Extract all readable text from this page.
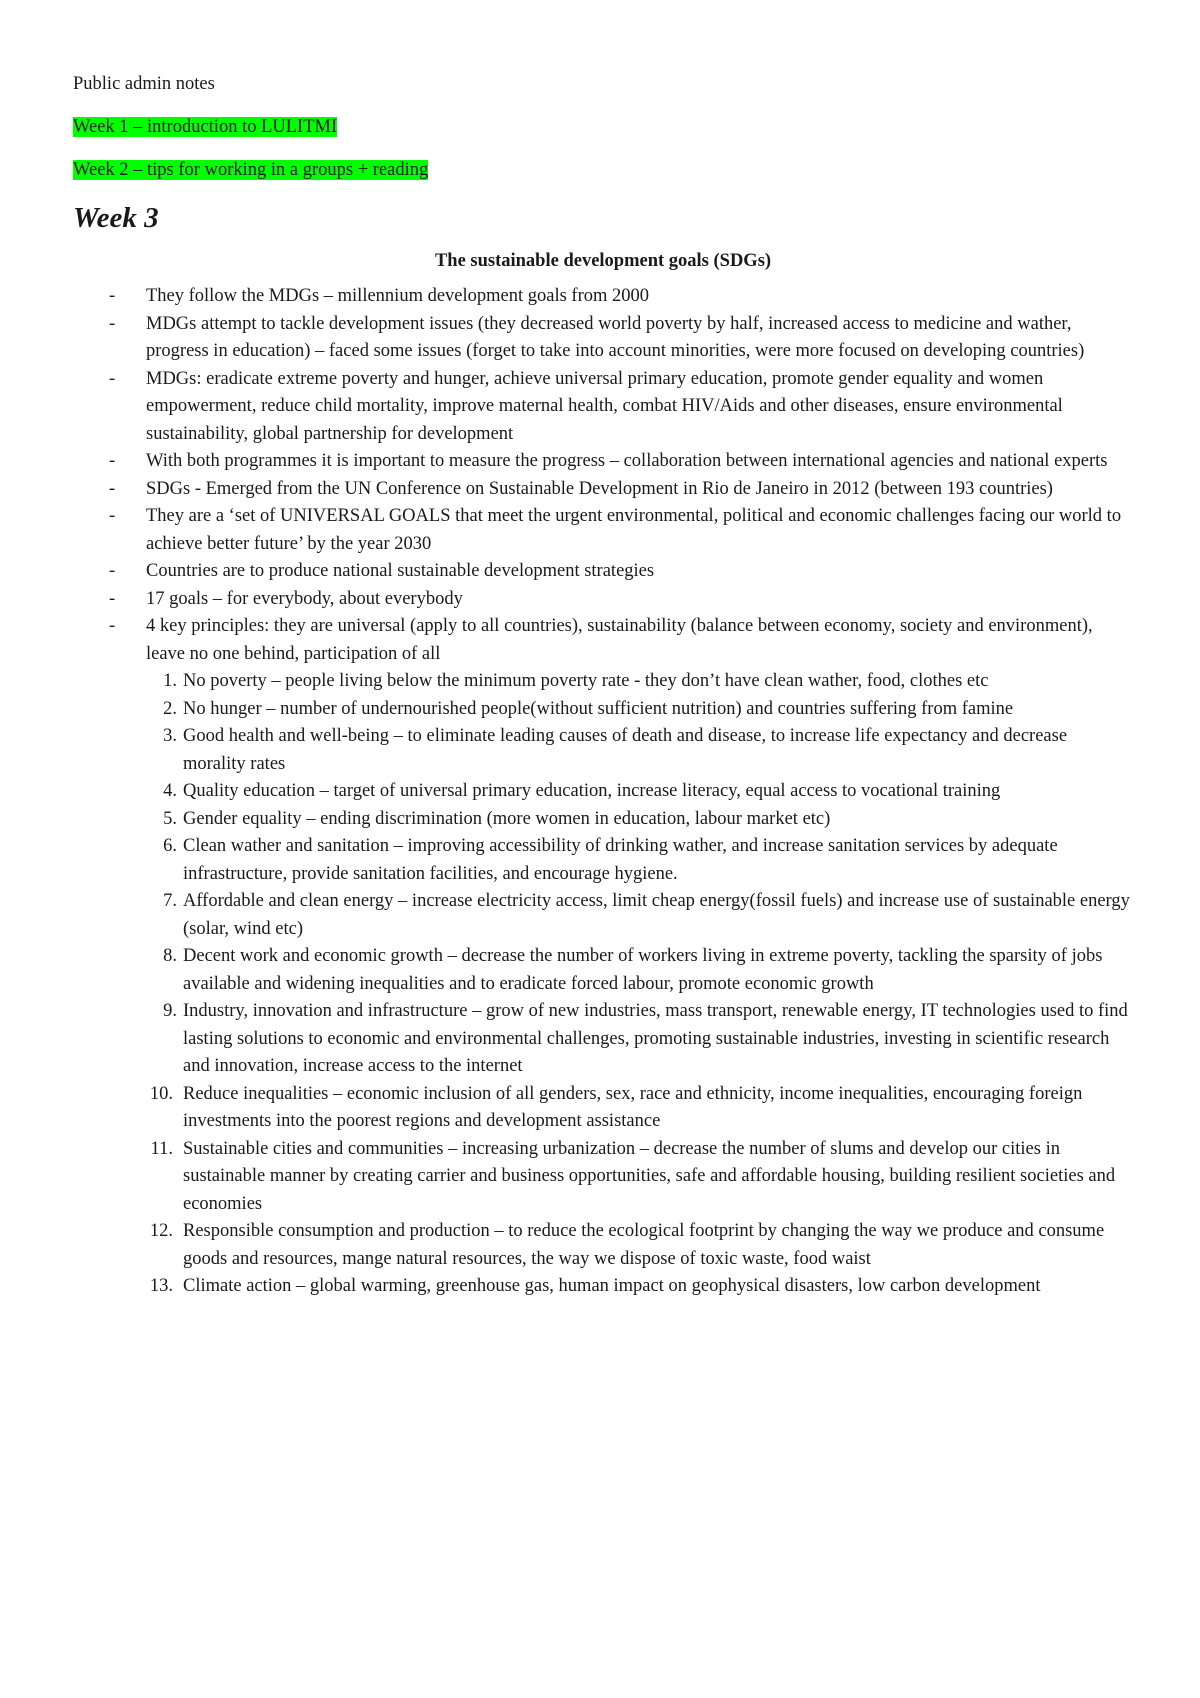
Public admin notes

Week 1 – introduction to LULITMI

Week 2 – tips for working in a groups + reading

Week 3
The sustainable development goals (SDGs)
- They follow the MDGs – millennium development goals from 2000
- MDGs attempt to tackle development issues (they decreased world poverty by half, increased access to medicine and wather, progress in education) – faced some issues (forget to take into account minorities, were more focused on developing countries)
- MDGs: eradicate extreme poverty and hunger, achieve universal primary education, promote gender equality and women empowerment, reduce child mortality, improve maternal health, combat HIV/Aids and other diseases, ensure environmental sustainability, global partnership for development
- With both programmes it is important to measure the progress – collaboration between international agencies and national experts
- SDGs - Emerged from the UN Conference on Sustainable Development in Rio de Janeiro in 2012 (between 193 countries)
- They are a ‘set of UNIVERSAL GOALS that meet the urgent environmental, political and economic challenges facing our world to achieve better future’ by the year 2030
- Countries are to produce national sustainable development strategies
- 17 goals – for everybody, about everybody
- 4 key principles: they are universal (apply to all countries), sustainability (balance between economy, society and environment), leave no one behind, participation of all
1. No poverty – people living below the minimum poverty rate - they don’t have clean wather, food, clothes etc
2. No hunger – number of undernourished people(without sufficient nutrition) and countries suffering from famine
3. Good health and well-being – to eliminate leading causes of death and disease, to increase life expectancy and decrease morality rates
4. Quality education – target of universal primary education, increase literacy, equal access to vocational training
5. Gender equality – ending discrimination (more women in education, labour market etc)
6. Clean wather and sanitation – improving accessibility of drinking wather, and increase sanitation services by adequate infrastructure, provide sanitation facilities, and encourage hygiene.
7. Affordable and clean energy – increase electricity access, limit cheap energy(fossil fuels) and increase use of sustainable energy (solar, wind etc)
8. Decent work and economic growth – decrease the number of workers living in extreme poverty, tackling the sparsity of jobs available and widening inequalities and to eradicate forced labour, promote economic growth
9. Industry, innovation and infrastructure – grow of new industries, mass transport, renewable energy, IT technologies used to find lasting solutions to economic and environmental challenges, promoting sustainable industries, investing in scientific research and innovation, increase access to the internet
10. Reduce inequalities – economic inclusion of all genders, sex, race and ethnicity, income inequalities, encouraging foreign investments into the poorest regions and development assistance
11. Sustainable cities and communities – increasing urbanization – decrease the number of slums and develop our cities in sustainable manner by creating carrier and business opportunities, safe and affordable housing, building resilient societies and economies
12. Responsible consumption and production – to reduce the ecological footprint by changing the way we produce and consume goods and resources, mange natural resources, the way we dispose of toxic waste, food waist
13. Climate action – global warming, greenhouse gas, human impact on geophysical disasters, low carbon development
